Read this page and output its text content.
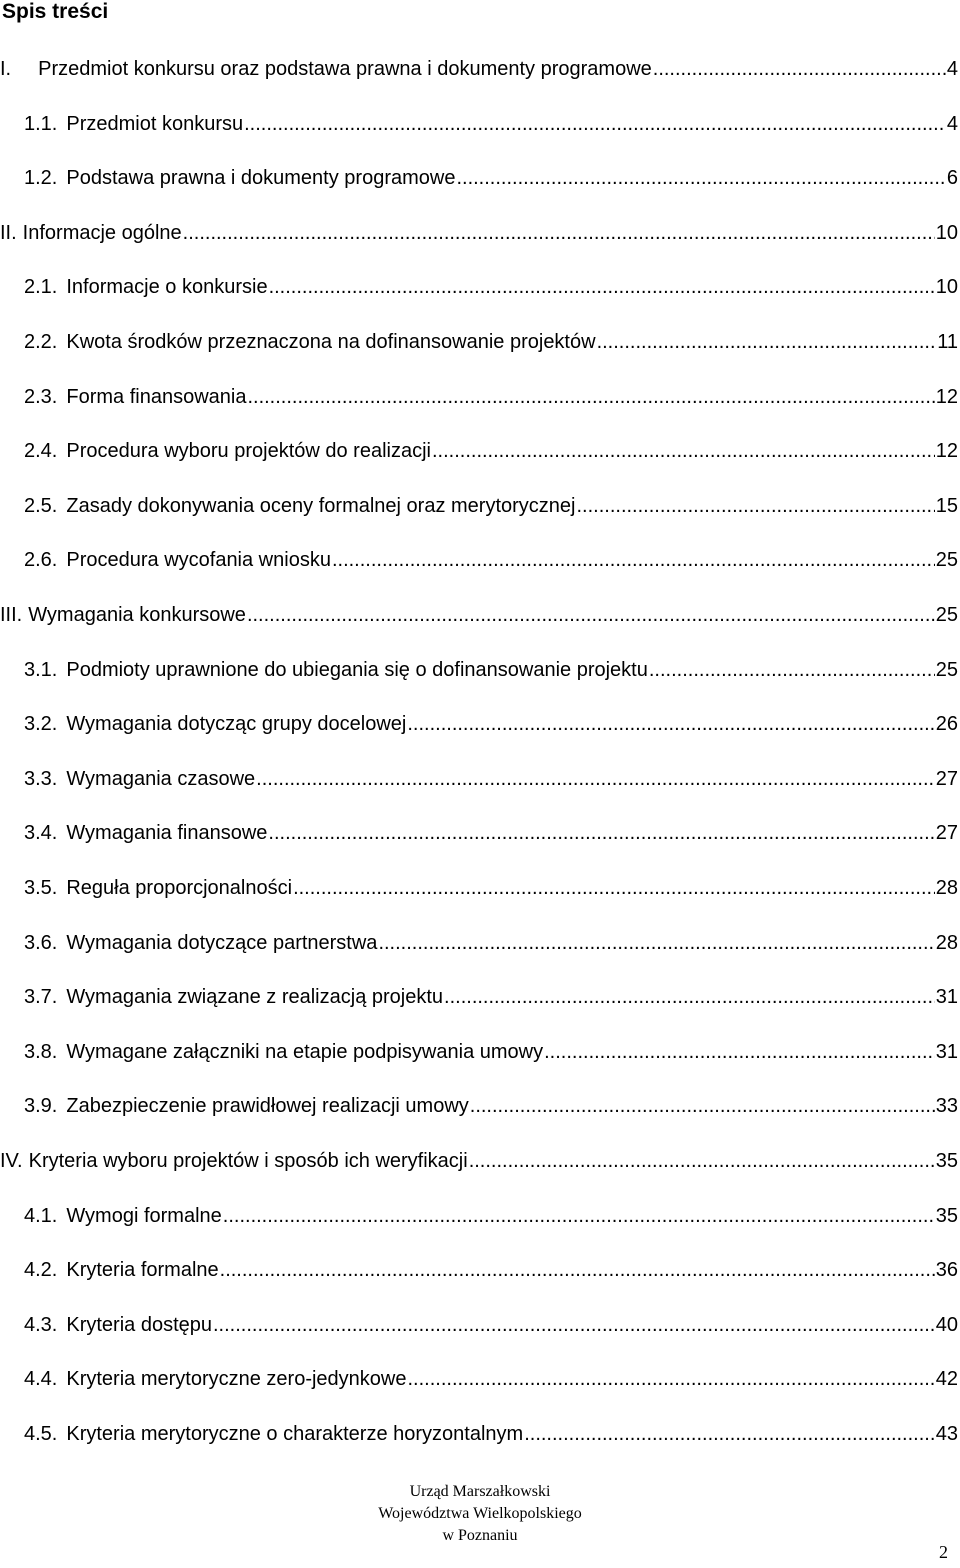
Spis treści
I. Przedmiot konkursu oraz podstawa prawna i dokumenty programowe .....	4
1.1. Przedmiot konkursu .....	4
1.2. Podstawa prawna i dokumenty programowe .....	6
II. Informacje ogólne .....	10
2.1. Informacje o konkursie .....	10
2.2. Kwota środków przeznaczona na dofinansowanie projektów .....	11
2.3. Forma finansowania .....	12
2.4. Procedura wyboru projektów do realizacji .....	12
2.5. Zasady dokonywania oceny formalnej oraz merytorycznej .....	15
2.6. Procedura wycofania wniosku .....	25
III. Wymagania konkursowe .....	25
3.1. Podmioty uprawnione do ubiegania się o dofinansowanie projektu .....	25
3.2. Wymagania dotycząc grupy docelowej .....	26
3.3. Wymagania czasowe .....	27
3.4. Wymagania finansowe .....	27
3.5. Reguła proporcjonalności .....	28
3.6. Wymagania dotyczące partnerstwa .....	28
3.7. Wymagania związane z realizacją projektu .....	31
3.8. Wymagane załączniki na etapie podpisywania umowy .....	31
3.9. Zabezpieczenie prawidłowej realizacji umowy .....	33
IV. Kryteria wyboru projektów i sposób ich weryfikacji .....	35
4.1. Wymogi formalne .....	35
4.2. Kryteria formalne .....	36
4.3. Kryteria dostępu .....	40
4.4. Kryteria merytoryczne zero-jedynkowe .....	42
4.5. Kryteria merytoryczne o charakterze horyzontalnym .....	43
Urząd Marszałkowski
Województwa Wielkopolskiego
w Poznaniu
2
